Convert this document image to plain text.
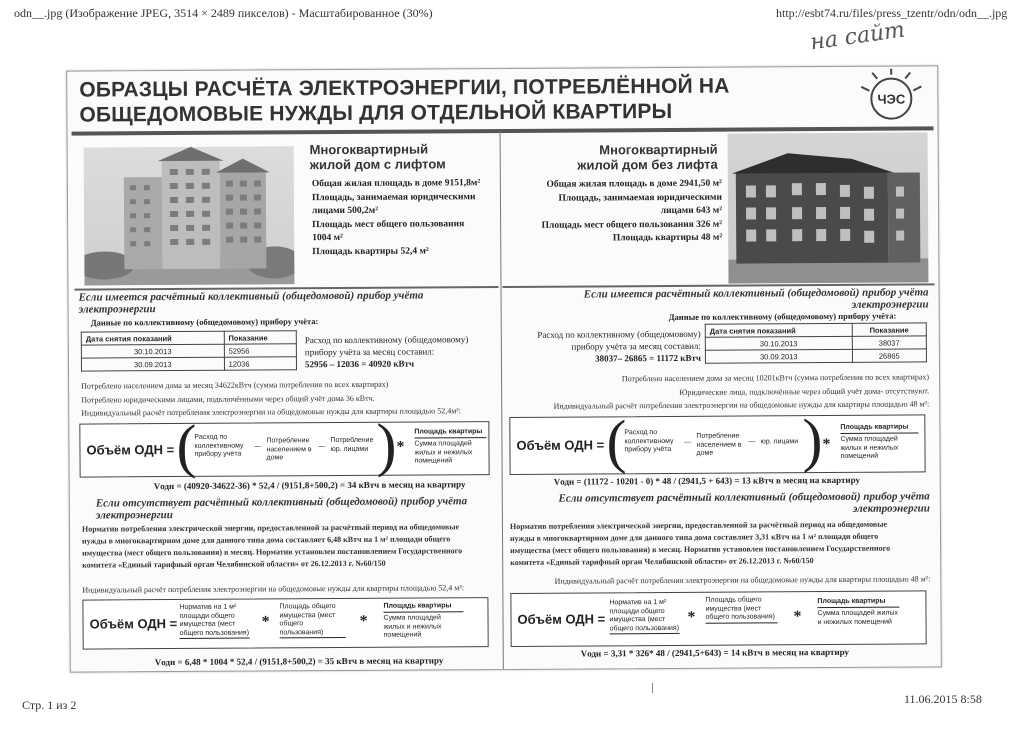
odn__.jpg (Изображение JPEG, 3514 × 2489 пикселов) - Масштабированное (30%)	http://esbt74.ru/files/press_tzentr/odn/odn__.jpg
на сайт
Стр. 1 из 2	11.06.2015 8:58
ОБРАЗЦЫ РАСЧЁТА ЭЛЕКТРОЭНЕРГИИ, ПОТРЕБЛЁННОЙ НА
ОБЩЕДОМОВЫЕ НУЖДЫ ДЛЯ ОТДЕЛЬНОЙ КВАРТИРЫ
ЧЭС
Многоквартирный
жилой дом с лифтом
Общая жилая площадь в доме 9151,8м²
Площадь, занимаемая юридическими
лицами 500,2м²
Площадь мест общего пользования
1004 м²
Площадь квартиры 52,4 м²
Если имеется расчётный коллективный (общедомовой) прибор учёта
электроэнергии
Данные по коллективному (общедомовому) прибору учёта:
Дата снятия показаний	Показание
30.10.2013	52956
30.09.2013	12036
Расход по коллективному (общедомовому)
прибору учёта за месяц составил:
52956 – 12036 = 40920 кВтч
Потреблено населением дома за месяц 34622кВтч (сумма потребления по всех квартирах)
Потреблено юридическими лицами, подключёнными через общий учёт дома 36 кВтч.
Индивидуальный расчёт потребления электроэнергии на общедомовые нужды для квартиры площадью 52,4м²:
Объём ОДН = (
Расход по коллективному прибору учёта
—
Потребление населением в доме
—
Потребление юр. лицами ) *
Площадь квартиры
Сумма площадей жилых и нежилых помещений
Vодн = (40920-34622-36) * 52,4 / (9151,8+500,2) = 34 кВтч в месяц на квартиру
Если отсутствует расчётный коллективный (общедомовой) прибор учёта
электроэнергии
Норматив потребления электрической энергии, предоставленной за расчётный период на общедомовые
нужды в многоквартирном доме для данного типа дома составляет 6,48 кВтч на 1 м² площади общего
имущества (мест общего пользования) в месяц. Норматив установлен постановлением Государственного
комитета «Единый тарифный орган Челябинской области» от 26.12.2013 г. №60/150
Индивидуальный расчёт потребления электроэнергии на общедомовые нужды для квартиры площадью 52,4 м²:
Объём ОДН =
Норматив на 1 м² площади общего имущества (мест общего пользования)
*
Площадь общего имущества (мест общего пользования)
*
Площадь квартиры
Сумма площадей жилых и нежилых помещений
Vодн = 6,48 * 1004 * 52,4 / (9151,8+500,2) = 35 кВтч в месяц на квартиру
Многоквартирный
жилой дом без лифта
Общая жилая площадь в доме 2941,50 м²
Площадь, занимаемая юридическими
лицами 643 м²
Площадь мест общего пользования 326 м²
Площадь квартиры 48 м²
Если имеется расчётный коллективный (общедомовой) прибор учёта
электроэнергии
Данные по коллективному (общедомовому) прибору учёта:
Расход по коллективному (общедомовому)
прибору учёта за месяц составил:
38037– 26865 = 11172 кВтч
Дата снятия показаний	Показание
30.10.2013	38037
30.09.2013	26865
Потреблено населением дома за месяц 10201кВтч (сумма потребления по всех квартирах)
Юридические лица, подключённые через общий учёт дома- отсутствуют.
Индивидуальный расчёт потребления электроэнергии на общедомовые нужды для квартиры площадью 48 м²:
Объём ОДН = (
Расход по коллективному прибору учёта
—
Потребление населением в доме
— юр. лицами ) *
Площадь квартиры
Сумма площадей жилых и нежилых помещений
Vодн = (11172 - 10201 - 0) * 48 / (2941,5 + 643) = 13 кВтч в месяц на квартиру
Если отсутствует расчётный коллективный (общедомовой) прибор учёта
электроэнергии
Норматив потребления электрической энергии, предоставленной за расчётный период на общедомовые
нужды в многоквартирном доме для данного типа дома составляет 3,31 кВтч на 1 м² площади общего
имущества (мест общего пользования) в месяц. Норматив установлен постановлением Государственного
комитета «Единый тарифный орган Челябинской области» от 26.12.2013 г. №60/150
Индивидуальный расчёт потребления электроэнергии на общедомовые нужды для квартиры площадью 48 м²:
Объём ОДН =
Норматив на 1 м² площади общего имущества (мест общего пользования)
*
Площадь общего имущества (мест общего пользования) *
Площадь квартиры
Сумма площадей жилых и нежилых помещений
Vодн = 3,31 * 326* 48 / (2941,5+643) = 14 кВтч в месяц на квартиру
